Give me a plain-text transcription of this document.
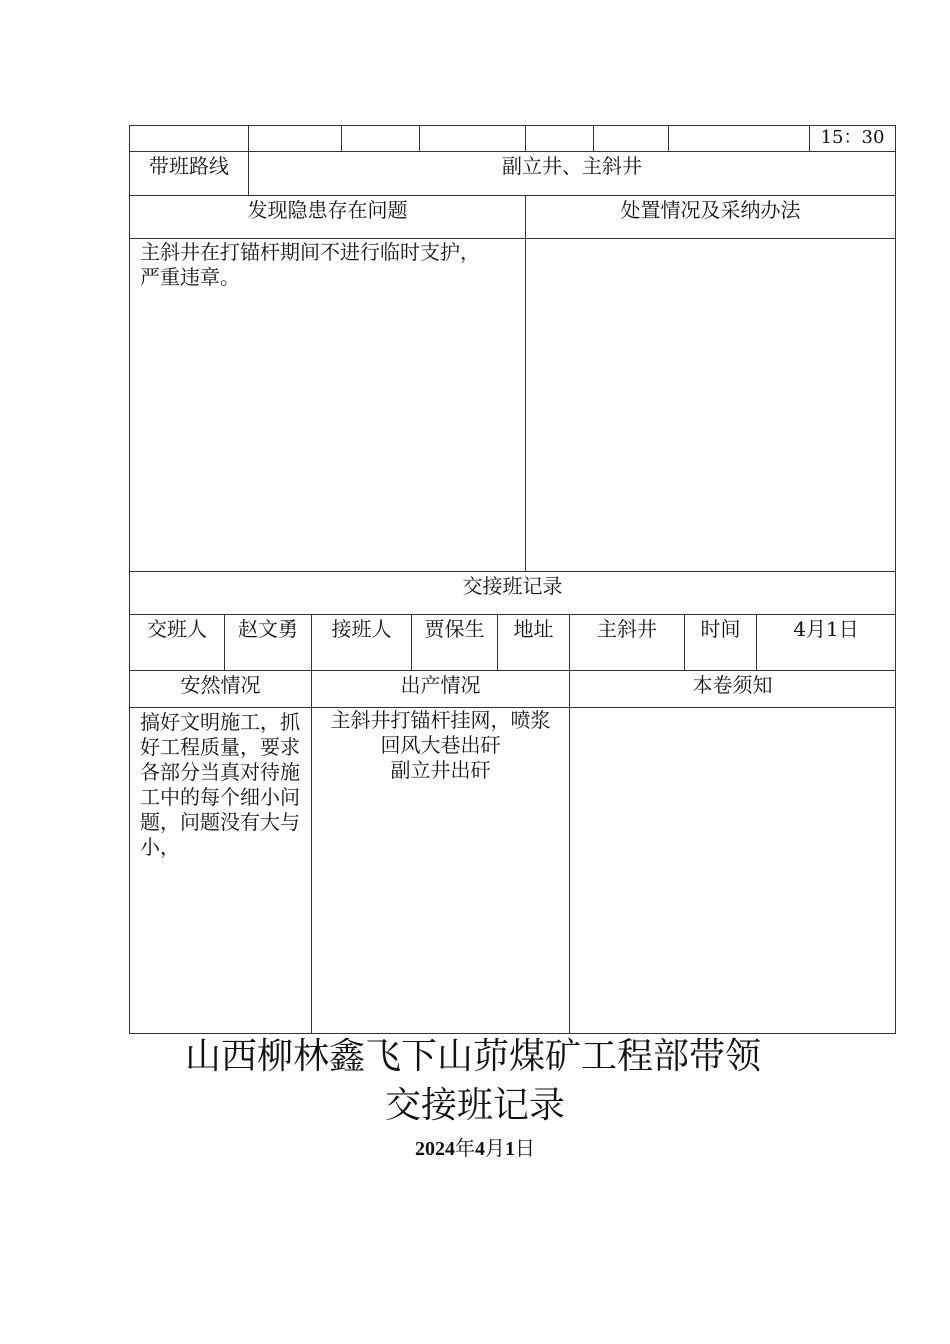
15：30
带班路线	副立井、主斜井
发现隐患存在问题	处置情况及采纳办法
主斜井在打锚杆期间不进行临时支护，严重违章。
交接班记录
交班人	赵文勇	接班人	贾保生	地址	主斜井	时间	4月1日
安然情况	出产情况	本卷须知
搞好文明施工，抓好工程质量，要求各部分当真对待施工中的每个细小问题，问题没有大与小，
主斜井打锚杆挂网，喷浆
回风大巷出矸
副立井出矸
山西柳林鑫飞下山茆煤矿工程部带领
交接班记录
2024年4月1日
